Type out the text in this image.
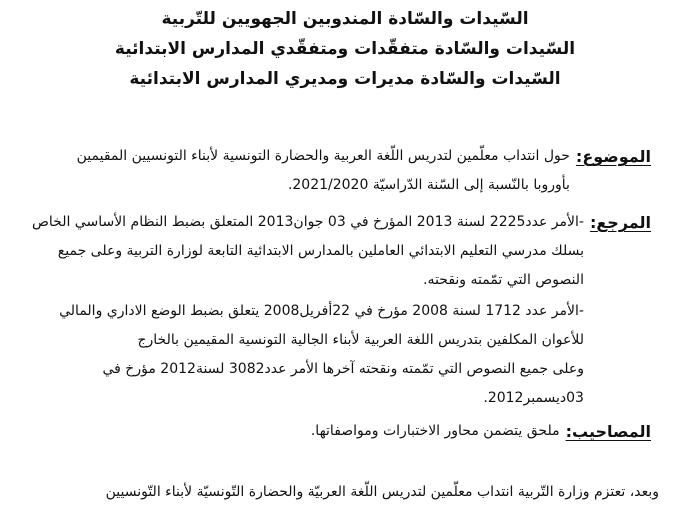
السّيدات والسّادة المندوبين الجهويين للتّربية
السّيدات والسّادة متفقّدات ومتفقّدي المدارس الابتدائية
السّيدات والسّادة مديرات ومديري المدارس الابتدائية
الموضوع:
حول انتداب معلّمين لتدريس اللّغة العربية والحضارة التونسية لأبناء التونسيين المقيمين
بأوروبا بالنّسبة إلى السّنة الدّراسيّة 2021/2020.
المرجع:
-الأمر عدد2225 لسنة 2013 المؤرخ في 03 جوان2013 المتعلق بضبط النظام الأساسي الخاص
بسلك مدرسي التعليم الابتدائي العاملين بالمدارس الابتدائية التابعة لوزارة التربية وعلى جميع
النصوص التي تمّمته ونقحته.
-الأمر عدد 1712 لسنة 2008 مؤرخ في 22أفريل2008 يتعلق بضبط الوضع الاداري والمالي
للأعوان المكلفين بتدريس اللغة العربية لأبناء الجالية التونسية المقيمين بالخارج
وعلى جميع النصوص التي تمّمته ونقحته آخرها الأمر عدد3082 لسنة2012 مؤرخ في
03ديسمبر2012.
المصاحيب:
ملحق يتضمن محاور الاختبارات ومواصفاتها.
وبعد، تعتزم وزارة التّربية انتداب معلّمين لتدريس اللّغة العربيّة والحضارة التّونسيّة لأبناء التّونسيين
